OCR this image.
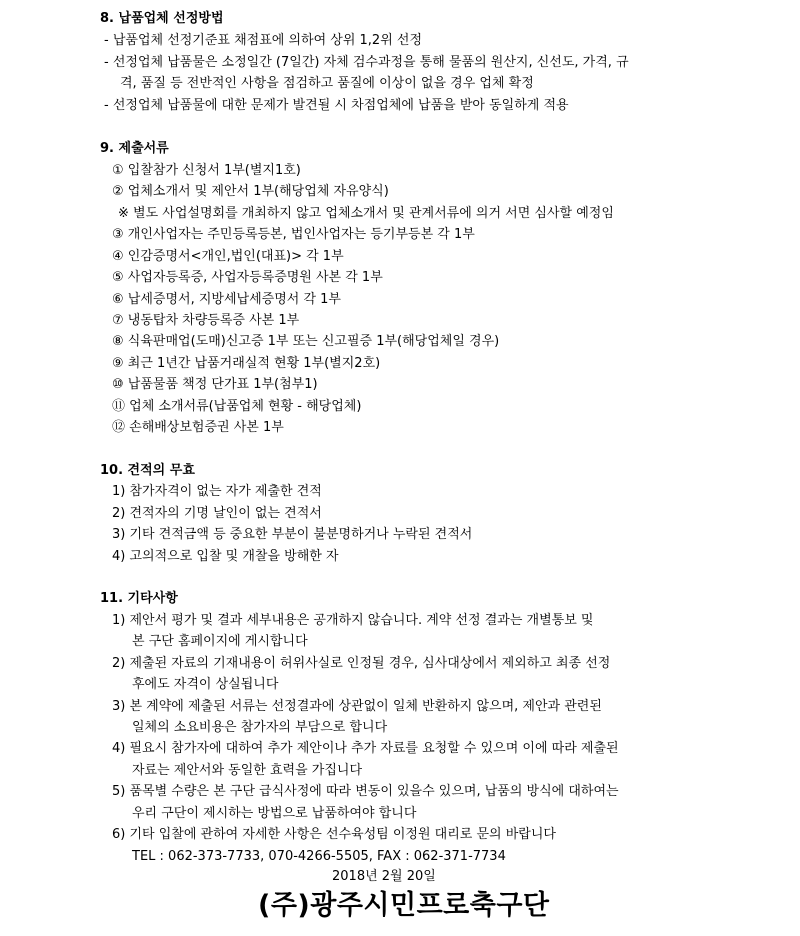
8. 납품업체 선정방법
- 납품업체 선정기준표 채점표에 의하여 상위 1,2위 선정
- 선정업체 납품물은 소정일간 (7일간) 자체 검수과정을 통해 물품의 원산지, 신선도, 가격, 규
격, 품질 등 전반적인 사항을 점검하고 품질에 이상이 없을 경우 업체 확정
- 선정업체 납품물에 대한 문제가 발견될 시 차점업체에 납품을 받아 동일하게 적용
9. 제출서류
① 입찰참가 신청서 1부(별지1호)
② 업체소개서 및 제안서 1부(해당업체 자유양식)
※ 별도 사업설명회를 개최하지 않고 업체소개서 및 관계서류에 의거 서면 심사할 예정임
③ 개인사업자는 주민등록등본, 법인사업자는 등기부등본 각 1부
④ 인감증명서<개인,법인(대표)> 각 1부
⑤ 사업자등록증, 사업자등록증명원 사본 각 1부
⑥ 납세증명서, 지방세납세증명서 각 1부
⑦ 냉동탑차 차량등록증 사본 1부
⑧ 식육판매업(도매)신고증 1부 또는 신고필증 1부(해당업체일 경우)
⑨ 최근 1년간 납품거래실적 현황 1부(별지2호)
⑩ 납품물품 책정 단가표 1부(첨부1)
⑪ 업체 소개서류(납품업체 현황 - 해당업체)
⑫ 손해배상보험증권 사본 1부
10. 견적의 무효
1) 참가자격이 없는 자가 제출한 견적
2) 견적자의 기명 날인이 없는 견적서
3) 기타 견적금액 등 중요한 부분이 불분명하거나 누락된 견적서
4) 고의적으로 입찰 및 개찰을 방해한 자
11. 기타사항
1) 제안서 평가 및 결과 세부내용은 공개하지 않습니다. 계약 선정 결과는 개별통보 및
본 구단 홈페이지에 게시합니다
2) 제출된 자료의 기재내용이 허위사실로 인정될 경우, 심사대상에서 제외하고 최종 선정
후에도 자격이 상실됩니다
3) 본 계약에 제출된 서류는 선정결과에 상관없이 일체 반환하지 않으며, 제안과 관련된
일체의 소요비용은 참가자의 부담으로 합니다
4) 필요시 참가자에 대하여 추가 제안이나 추가 자료를 요청할 수 있으며 이에 따라 제출된
자료는 제안서와 동일한 효력을 가집니다
5) 품목별 수량은 본 구단 급식사정에 따라 변동이 있을수 있으며, 납품의 방식에 대하여는
우리 구단이 제시하는 방법으로 납품하여야 합니다
6) 기타 입찰에 관하여 자세한 사항은 선수육성팀 이정원 대리로 문의 바랍니다
TEL : 062-373-7733, 070-4266-5505, FAX : 062-371-7734
2018년 2월 20일
(주)광주시민프로축구단
